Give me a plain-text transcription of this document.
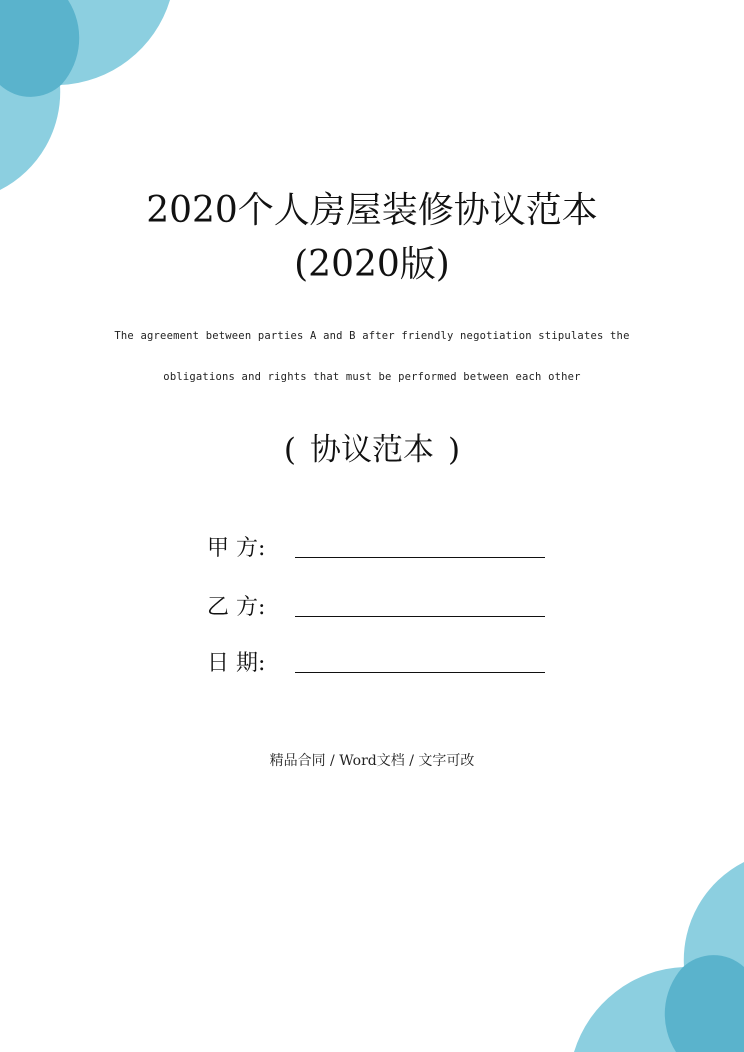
2020个人房屋装修协议范本
(2020版)
The agreement between parties A and B after friendly negotiation stipulates the
obligations and rights that must be performed between each other
( 协议范本 )
甲 方:
乙 方:
日 期:
精品合同 / Word文档 / 文字可改
